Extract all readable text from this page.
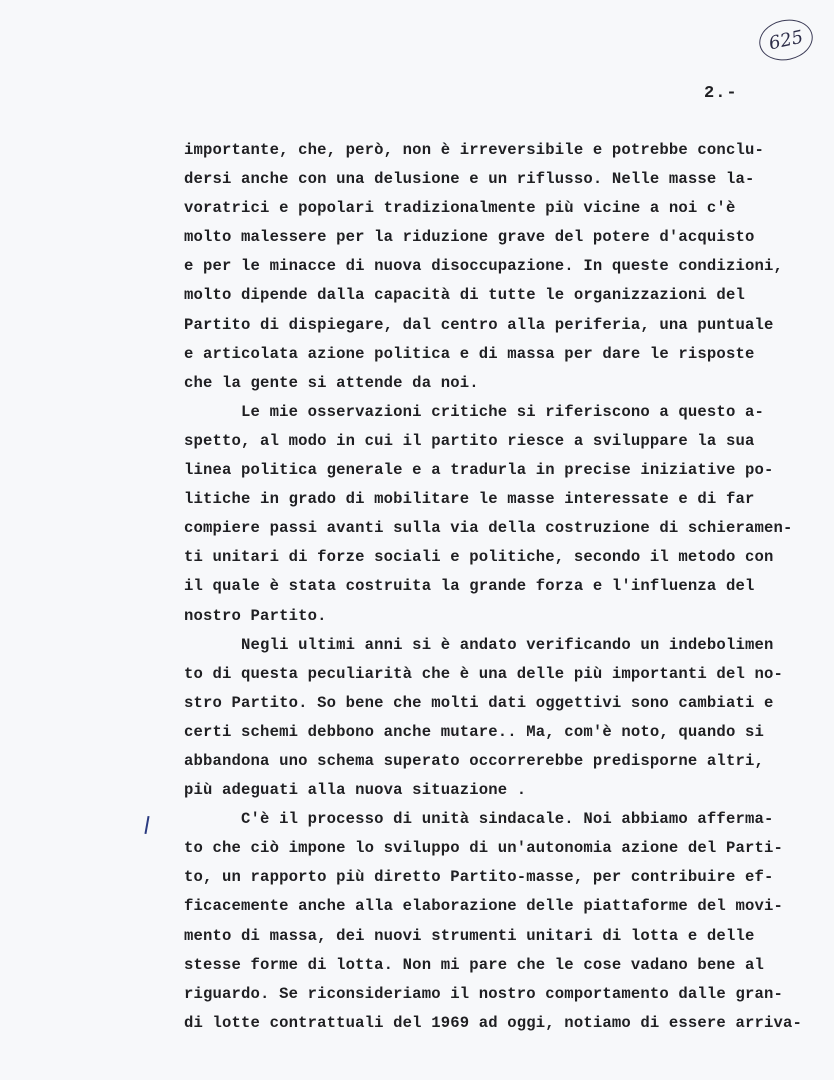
625
2.-
importante, che, però, non è irreversibile e potrebbe conclu-
dersi anche con una delusione e un riflusso. Nelle masse la-
voratrici e popolari tradizionalmente più vicine a noi c'è
molto malessere per la riduzione grave del potere d'acquisto
e per le minacce di nuova disoccupazione. In queste condizioni,
molto dipende dalla capacità di tutte le organizzazioni del
Partito di dispiegare, dal centro alla periferia, una puntuale
e articolata azione politica e di massa per dare le risposte
che la gente si attende da noi.
Le mie osservazioni critiche si riferiscono a questo a-
spetto, al modo in cui il partito riesce a sviluppare la sua
linea politica generale e a tradurla in precise iniziative po-
litiche in grado di mobilitare le masse interessate e di far
compiere passi avanti sulla via della costruzione di schieramen-
ti unitari di forze sociali e politiche, secondo il metodo con
il quale è stata costruita la grande forza e l'influenza del
nostro Partito.
Negli ultimi anni si è andato verificando un indebolimen
to di questa peculiarità che è una delle più importanti del no-
stro Partito. So bene che molti dati oggettivi sono cambiati e
certi schemi debbono anche mutare.. Ma, com'è noto, quando si
abbandona uno schema superato occorrerebbe predisporne altri,
più adeguati alla nuova situazione .
C'è il processo di unità sindacale. Noi abbiamo afferma-
to che ciò impone lo sviluppo di un'autonomia azione del Parti-
to, un rapporto più diretto Partito-masse, per contribuire ef-
ficacemente anche alla elaborazione delle piattaforme del movi-
mento di massa, dei nuovi strumenti unitari di lotta e delle
stesse forme di lotta. Non mi pare che le cose vadano bene al
riguardo. Se riconsideriamo il nostro comportamento dalle gran-
di lotte contrattuali del 1969 ad oggi, notiamo di essere arriva-
